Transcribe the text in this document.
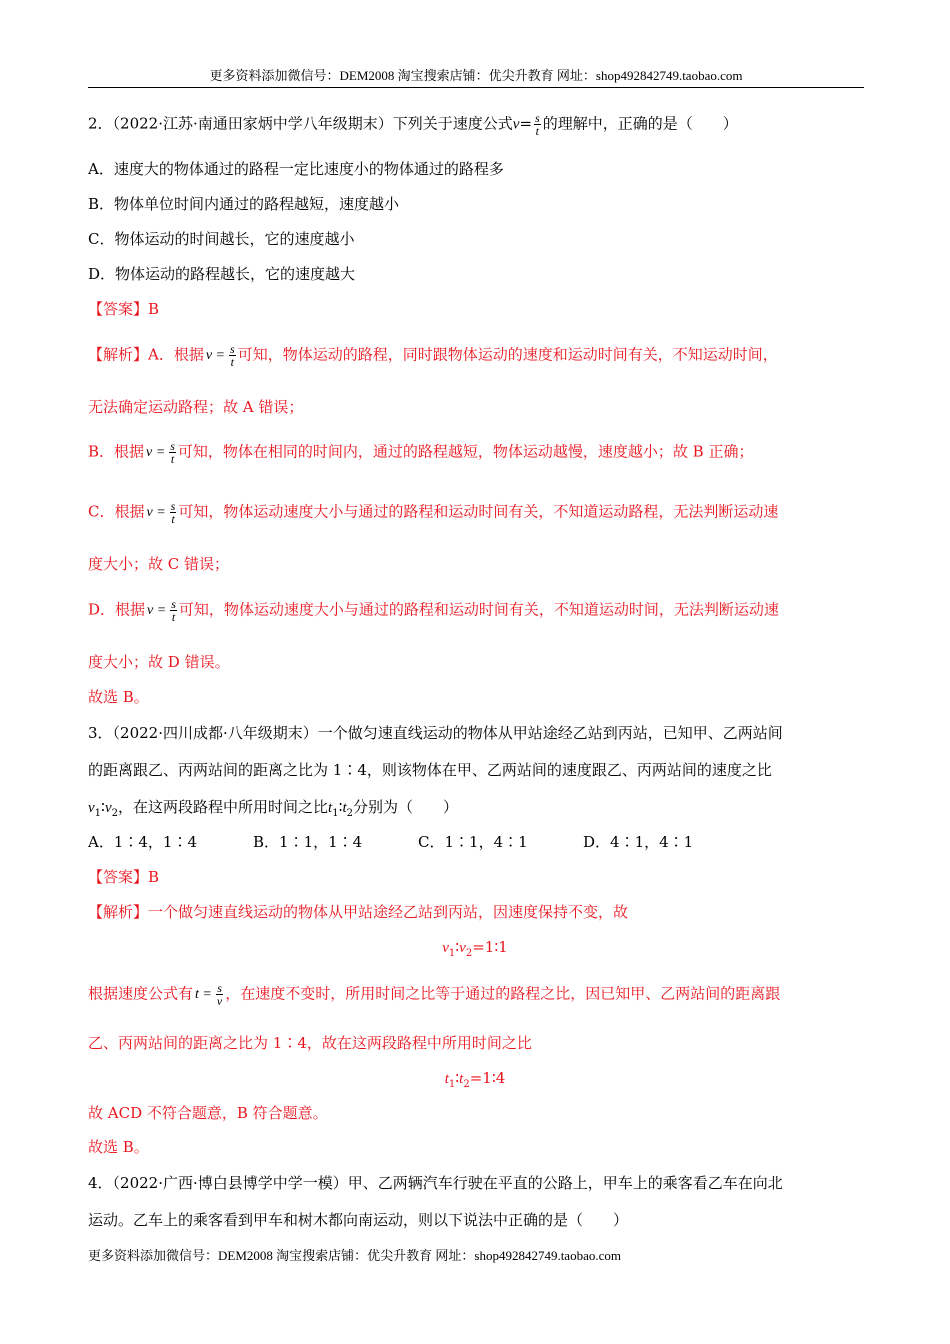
更多资料添加微信号：DEM2008 淘宝搜索店铺：优尖升教育 网址：shop492842749.taobao.com
2．（2022·江苏·南通田家炳中学八年级期末）下列关于速度公式$v= \frac{s}{t}$ 的理解中，正确的是（　　）
A．速度大的物体通过的路程一定比速度小的物体通过的路程多
B．物体单位时间内通过的路程越短，速度越小
C．物体运动的时间越长，它的速度越小
D．物体运动的路程越长，它的速度越大
【答案】B
【解析】A．根据 $v = \frac{s}{t}$ 可知，物体运动的路程，同时跟物体运动的速度和运动时间有关，不知运动时间，
无法确定运动路程；故 A 错误；
B．根据 $v = \frac{s}{t}$ 可知，物体在相同的时间内，通过的路程越短，物体运动越慢，速度越小；故 B 正确；
C．根据 $v = \frac{s}{t}$ 可知，物体运动速度大小与通过的路程和运动时间有关，不知道运动路程，无法判断运动速
度大小；故 C 错误；
D．根据 $v = \frac{s}{t}$ 可知，物体运动速度大小与通过的路程和运动时间有关，不知道运动时间，无法判断运动速
度大小；故 D 错误。
故选 B。
3．（2022·四川成都·八年级期末）一个做匀速直线运动的物体从甲站途经乙站到丙站，已知甲、乙两站间
的距离跟乙、丙两站间的距离之比为 1∶4，则该物体在甲、乙两站间的速度跟乙、丙两站间的速度之比
$v_1∶v_2$，在这两段路程中所用时间之比$t_1∶t_2$分别为（　　）
A．1∶4，1∶4	B．1∶1，1∶4	C．1∶1，4∶1	D．4∶1，4∶1
【答案】B
【解析】一个做匀速直线运动的物体从甲站途经乙站到丙站，因速度保持不变，故
$v_1∶v_2=1∶1$
根据速度公式有 $t = \frac{s}{v}$ ，在速度不变时，所用时间之比等于通过的路程之比，因已知甲、乙两站间的距离跟
乙、丙两站间的距离之比为 1∶4，故在这两段路程中所用时间之比
$t_1∶t_2=1∶4$
故 ACD 不符合题意，B 符合题意。
故选 B。
4．（2022·广西·博白县博学中学一模）甲、乙两辆汽车行驶在平直的公路上，甲车上的乘客看乙车在向北
运动。乙车上的乘客看到甲车和树木都向南运动，则以下说法中正确的是（　　）
更多资料添加微信号：DEM2008 淘宝搜索店铺：优尖升教育 网址：shop492842749.taobao.com
